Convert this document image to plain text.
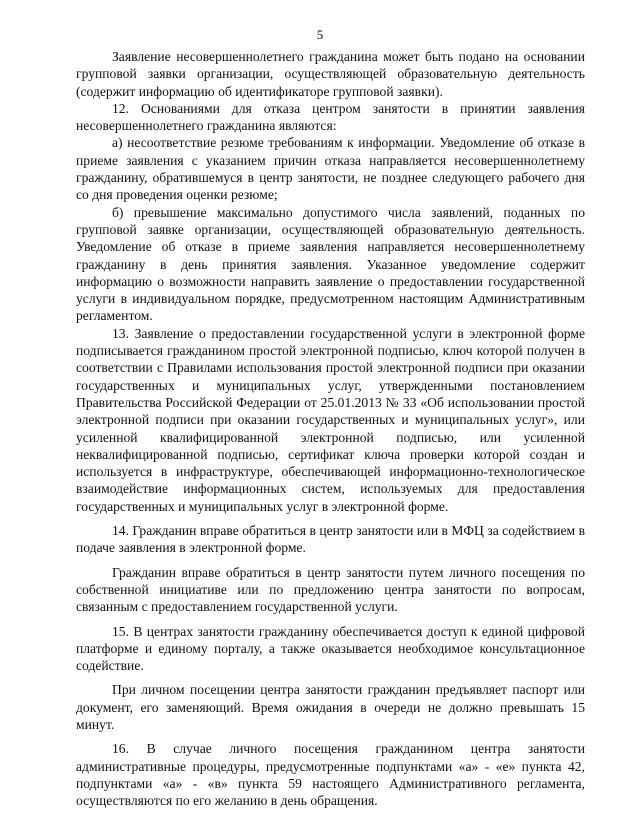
5

Заявление несовершеннолетнего гражданина может быть подано на основании групповой заявки организации, осуществляющей образовательную деятельность (содержит информацию об идентификаторе групповой заявки).

12. Основаниями для отказа центром занятости в принятии заявления несовершеннолетнего гражданина являются:

а) несоответствие резюме требованиям к информации. Уведомление об отказе в приеме заявления с указанием причин отказа направляется несовершеннолетнему гражданину, обратившемуся в центр занятости, не позднее следующего рабочего дня со дня проведения оценки резюме;

б) превышение максимально допустимого числа заявлений, поданных по групповой заявке организации, осуществляющей образовательную деятельность. Уведомление об отказе в приеме заявления направляется несовершеннолетнему гражданину в день принятия заявления. Указанное уведомление содержит информацию о возможности направить заявление о предоставлении государственной услуги в индивидуальном порядке, предусмотренном настоящим Административным регламентом.

13. Заявление о предоставлении государственной услуги в электронной форме подписывается гражданином простой электронной подписью, ключ которой получен в соответствии с Правилами использования простой электронной подписи при оказании государственных и муниципальных услуг, утвержденными постановлением Правительства Российской Федерации от 25.01.2013 № 33 «Об использовании простой электронной подписи при оказании государственных и муниципальных услуг», или усиленной квалифицированной электронной подписью, или усиленной неквалифицированной подписью, сертификат ключа проверки которой создан и используется в инфраструктуре, обеспечивающей информационно-технологическое взаимодействие информационных систем, используемых для предоставления государственных и муниципальных услуг в электронной форме.

14. Гражданин вправе обратиться в центр занятости или в МФЦ за содействием в подаче заявления в электронной форме.

Гражданин вправе обратиться в центр занятости путем личного посещения по собственной инициативе или по предложению центра занятости по вопросам, связанным с предоставлением государственной услуги.

15. В центрах занятости гражданину обеспечивается доступ к единой цифровой платформе и единому порталу, а также оказывается необходимое консультационное содействие.

При личном посещении центра занятости гражданин предъявляет паспорт или документ, его заменяющий. Время ожидания в очереди не должно превышать 15 минут.

16. В случае личного посещения гражданином центра занятости административные процедуры, предусмотренные подпунктами «а» - «е» пункта 42, подпунктами «а» - «в» пункта 59 настоящего Административного регламента, осуществляются по его желанию в день обращения.
